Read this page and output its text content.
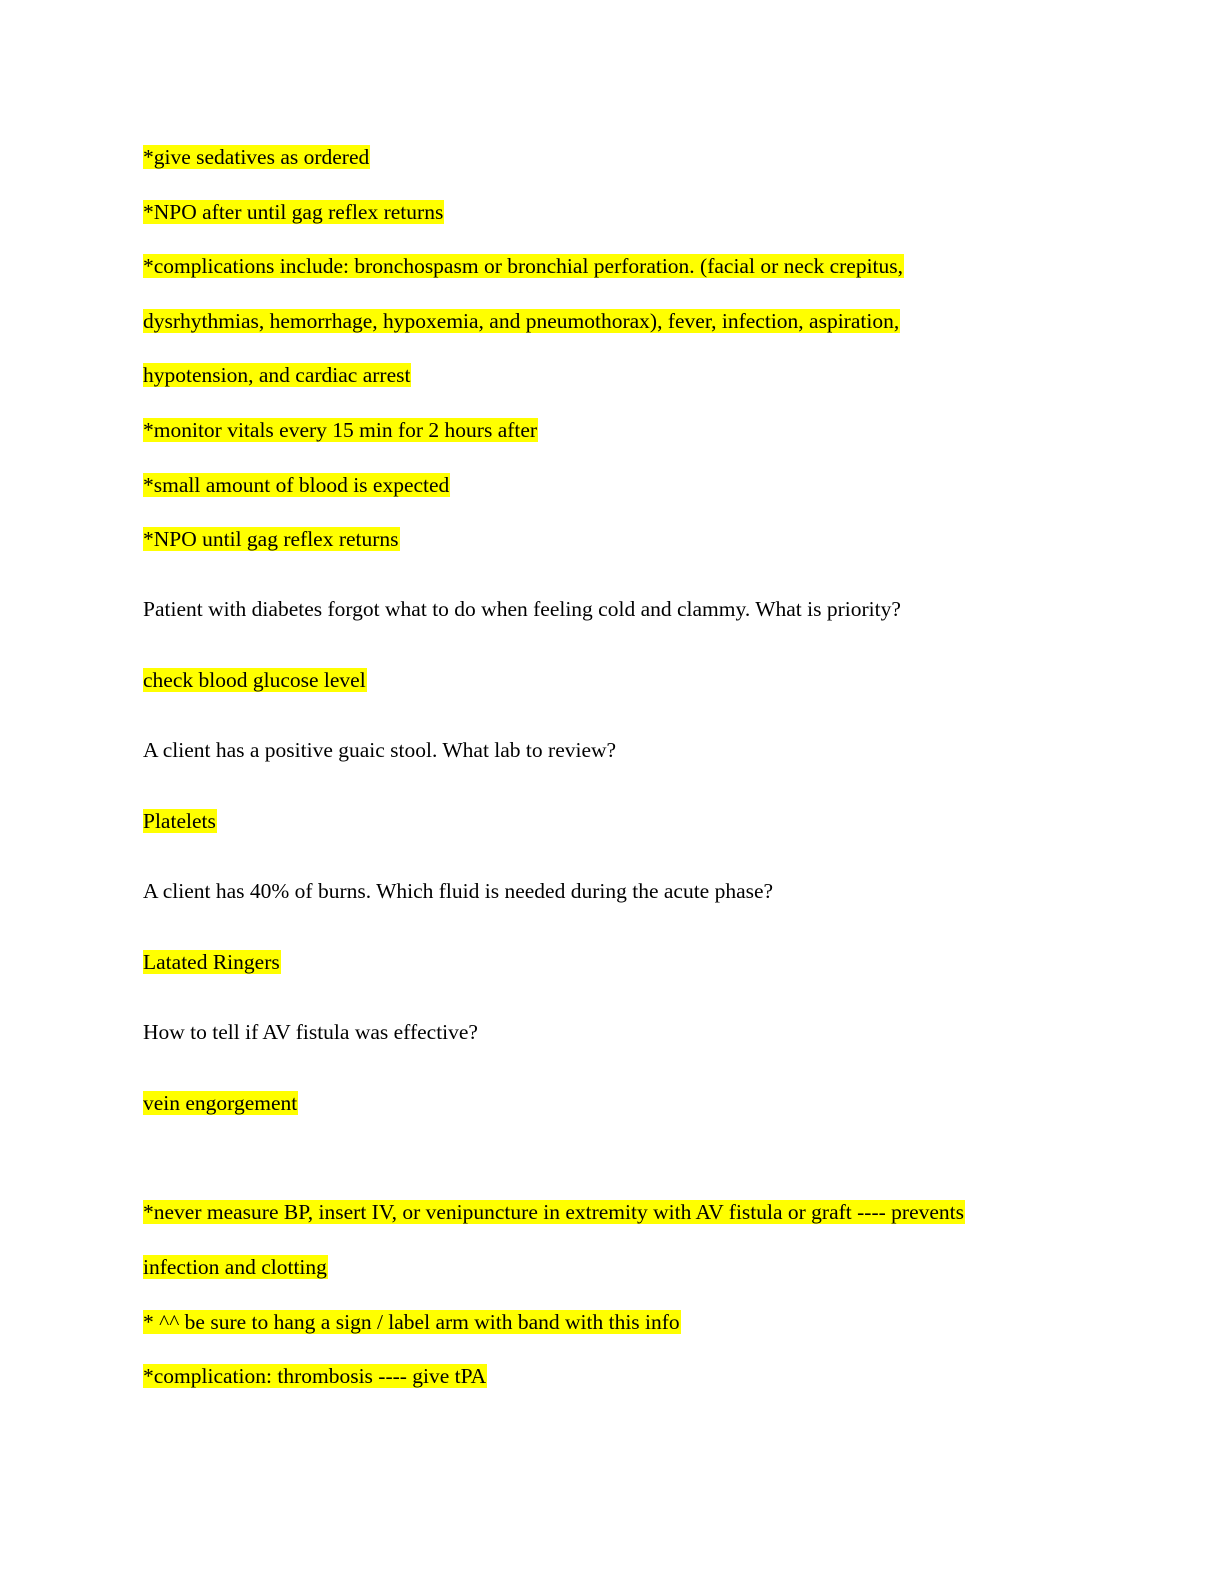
*give sedatives as ordered
*NPO after until gag reflex returns
*complications include: bronchospasm or bronchial perforation. (facial or neck crepitus,
dysrhythmias, hemorrhage, hypoxemia, and pneumothorax), fever, infection, aspiration,
hypotension, and cardiac arrest
*monitor vitals every 15 min for 2 hours after
*small amount of blood is expected
*NPO until gag reflex returns
Patient with diabetes forgot what to do when feeling cold and clammy. What is priority?
check blood glucose level
A client has a positive guaic stool. What lab to review?
Platelets
A client has 40% of burns. Which fluid is needed during the acute phase?
Latated Ringers
How to tell if AV fistula was effective?
vein engorgement
*never measure BP, insert IV, or venipuncture in extremity with AV fistula or graft ---- prevents
infection and clotting
* ^^ be sure to hang a sign / label arm with band with this info
*complication: thrombosis ---- give tPA
